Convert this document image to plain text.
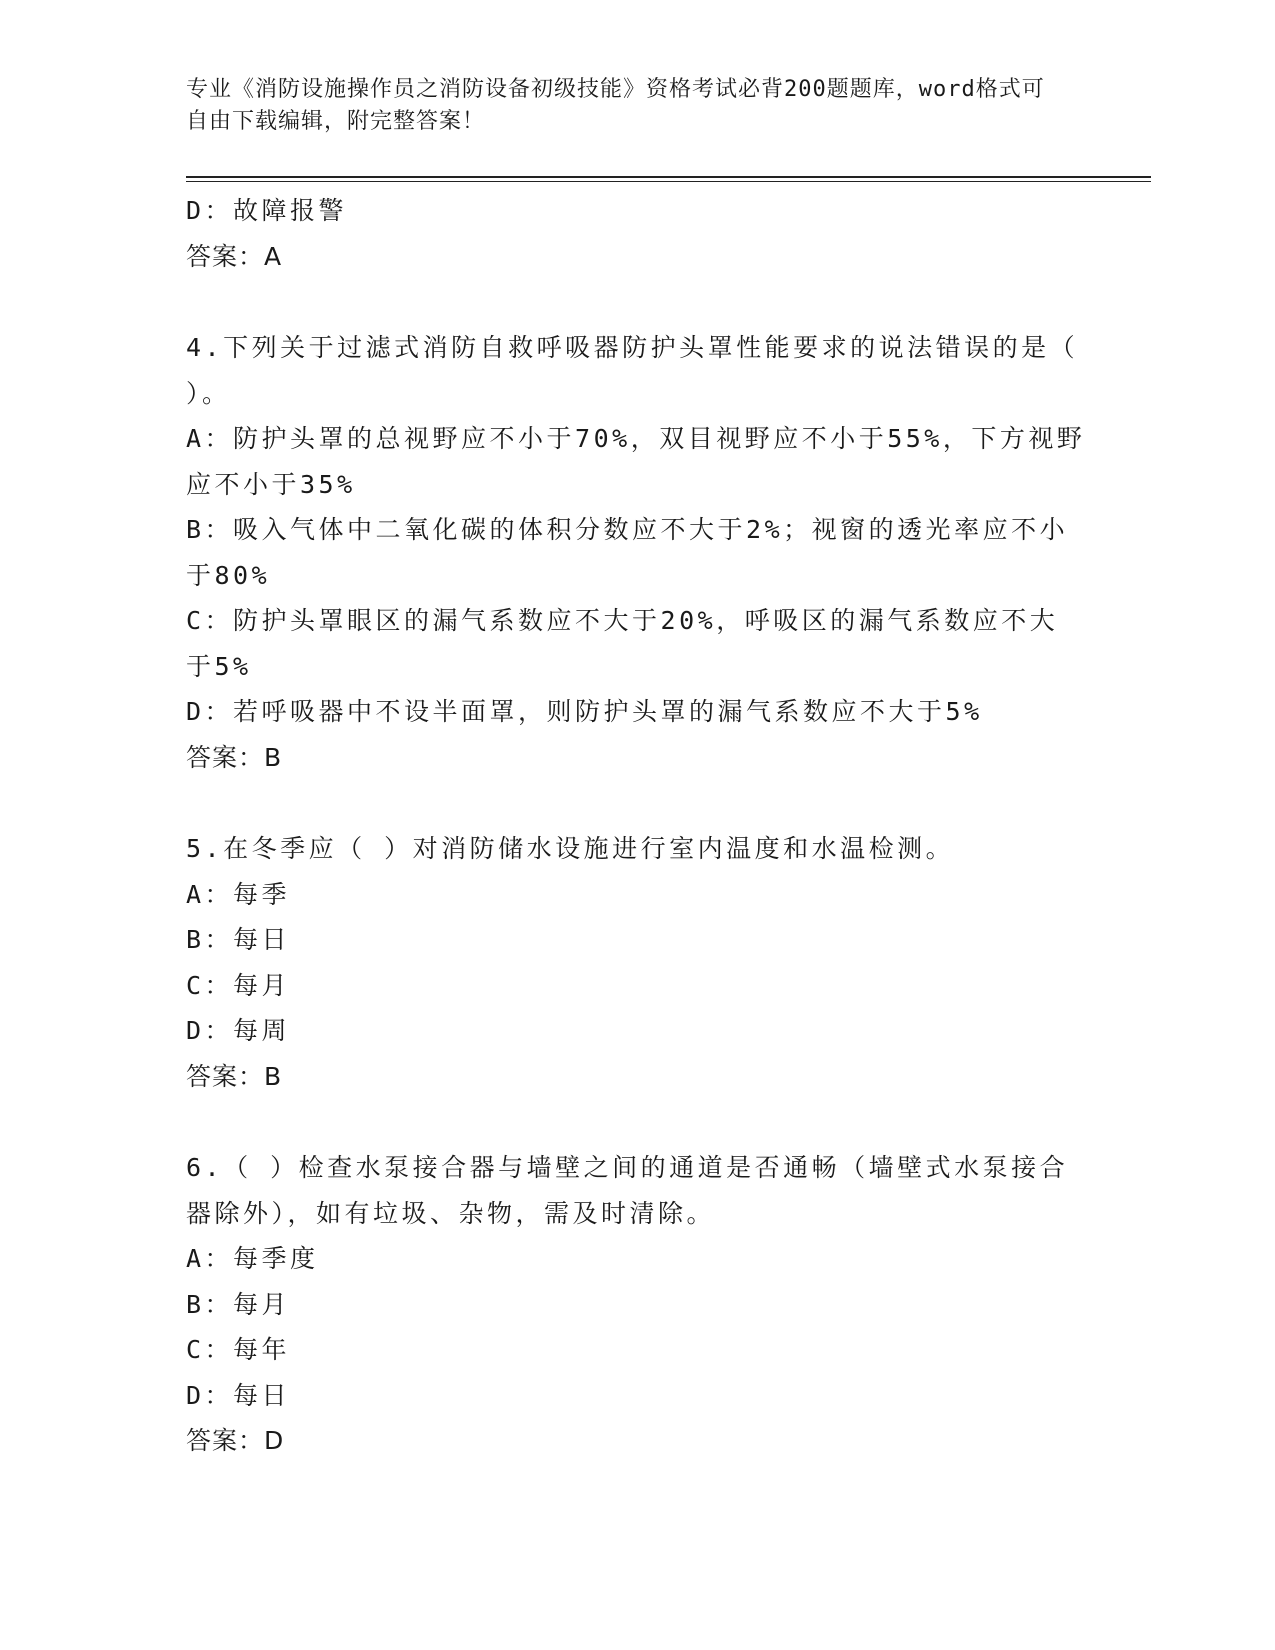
专业《消防设施操作员之消防设备初级技能》资格考试必背200题题库，word格式可自由下载编辑，附完整答案！
D：故障报警
答案：A
4.下列关于过滤式消防自救呼吸器防护头罩性能要求的说法错误的是（ ）。
A：防护头罩的总视野应不小于70%，双目视野应不小于55%，下方视野应不小于35%
B：吸入气体中二氧化碳的体积分数应不大于2%；视窗的透光率应不小于80%
C：防护头罩眼区的漏气系数应不大于20%，呼吸区的漏气系数应不大于5%
D：若呼吸器中不设半面罩，则防护头罩的漏气系数应不大于5%
答案：B
5.在冬季应（ ）对消防储水设施进行室内温度和水温检测。
A：每季
B：每日
C：每月
D：每周
答案：B
6.（ ）检查水泵接合器与墙壁之间的通道是否通畅（墙壁式水泵接合器除外），如有垃圾、杂物，需及时清除。
A：每季度
B：每月
C：每年
D：每日
答案：D
